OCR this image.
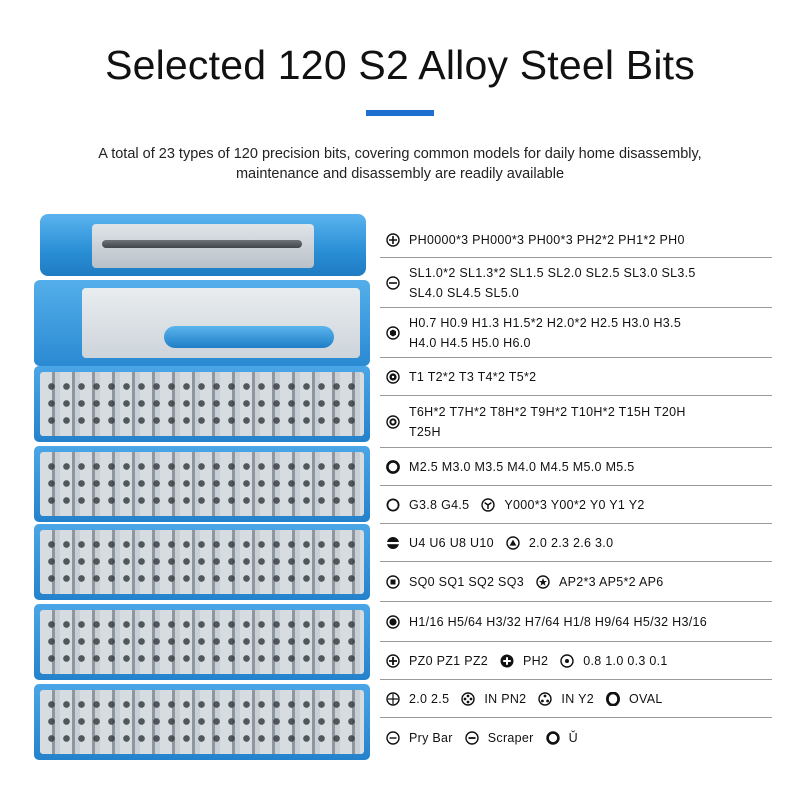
Selected 120 S2 Alloy Steel Bits

A total of 23 types of 120 precision bits, covering common models for daily home disassembly,
maintenance and disassembly are readily available

PH0000*3 PH000*3 PH00*3 PH2*2 PH1*2 PH0
SL1.0*2 SL1.3*2 SL1.5 SL2.0 SL2.5 SL3.0 SL3.5
SL4.0 SL4.5 SL5.0
H0.7 H0.9 H1.3 H1.5*2 H2.0*2 H2.5 H3.0 H3.5
H4.0 H4.5 H5.0 H6.0
T1 T2*2 T3 T4*2 T5*2
T6H*2 T7H*2 T8H*2 T9H*2 T10H*2 T15H T20H
T25H
M2.5 M3.0 M3.5 M4.0 M4.5 M5.0 M5.5
G3.8 G4.5	Y000*3 Y00*2 Y0 Y1 Y2
U4 U6 U8 U10	2.0 2.3 2.6 3.0
SQ0 SQ1 SQ2 SQ3	AP2*3 AP5*2 AP6
H1/16 H5/64 H3/32 H7/64 H1/8 H9/64 H5/32 H3/16
PZ0 PZ1 PZ2	PH2	0.8 1.0 0.3 0.1
2.0 2.5	IN PN2	IN Y2	OVAL
Pry Bar	Scraper	Ǔ
